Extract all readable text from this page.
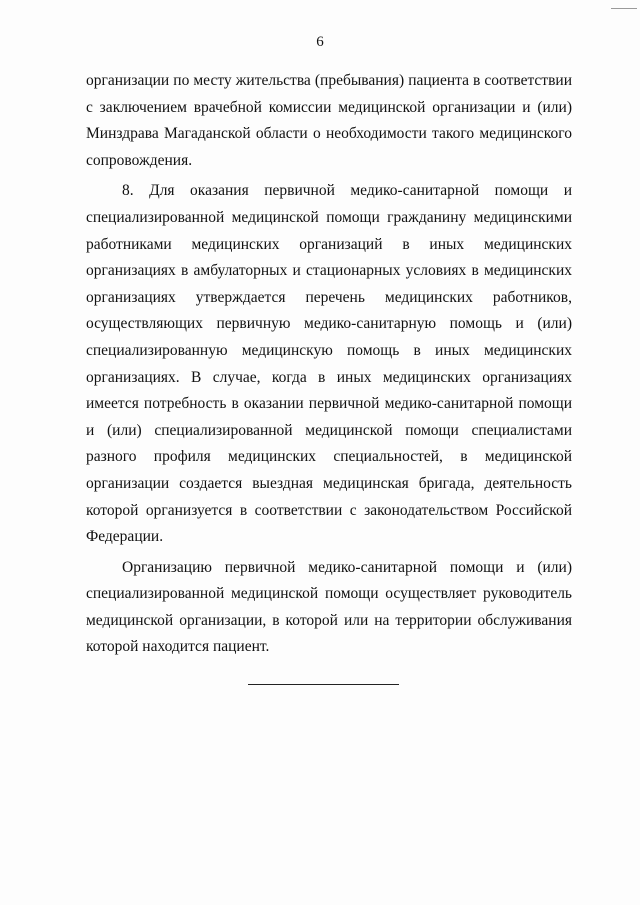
6

организации по месту жительства (пребывания) пациента в соответствии с заключением врачебной комиссии медицинской организации и (или) Минздрава Магаданской области о необходимости такого медицинского сопровождения.

8. Для оказания первичной медико-санитарной помощи и специализированной медицинской помощи гражданину медицинскими работниками медицинских организаций в иных медицинских организациях в амбулаторных и стационарных условиях в медицинских организациях утверждается перечень медицинских работников, осуществляющих первичную медико-санитарную помощь и (или) специализированную медицинскую помощь в иных медицинских организациях. В случае, когда в иных медицинских организациях имеется потребность в оказании первичной медико-санитарной помощи и (или) специализированной медицинской помощи специалистами разного профиля медицинских специальностей, в медицинской организации создается выездная медицинская бригада, деятельность которой организуется в соответствии с законодательством Российской Федерации.

Организацию первичной медико-санитарной помощи и (или) специализированной медицинской помощи осуществляет руководитель медицинской организации, в которой или на территории обслуживания которой находится пациент.
